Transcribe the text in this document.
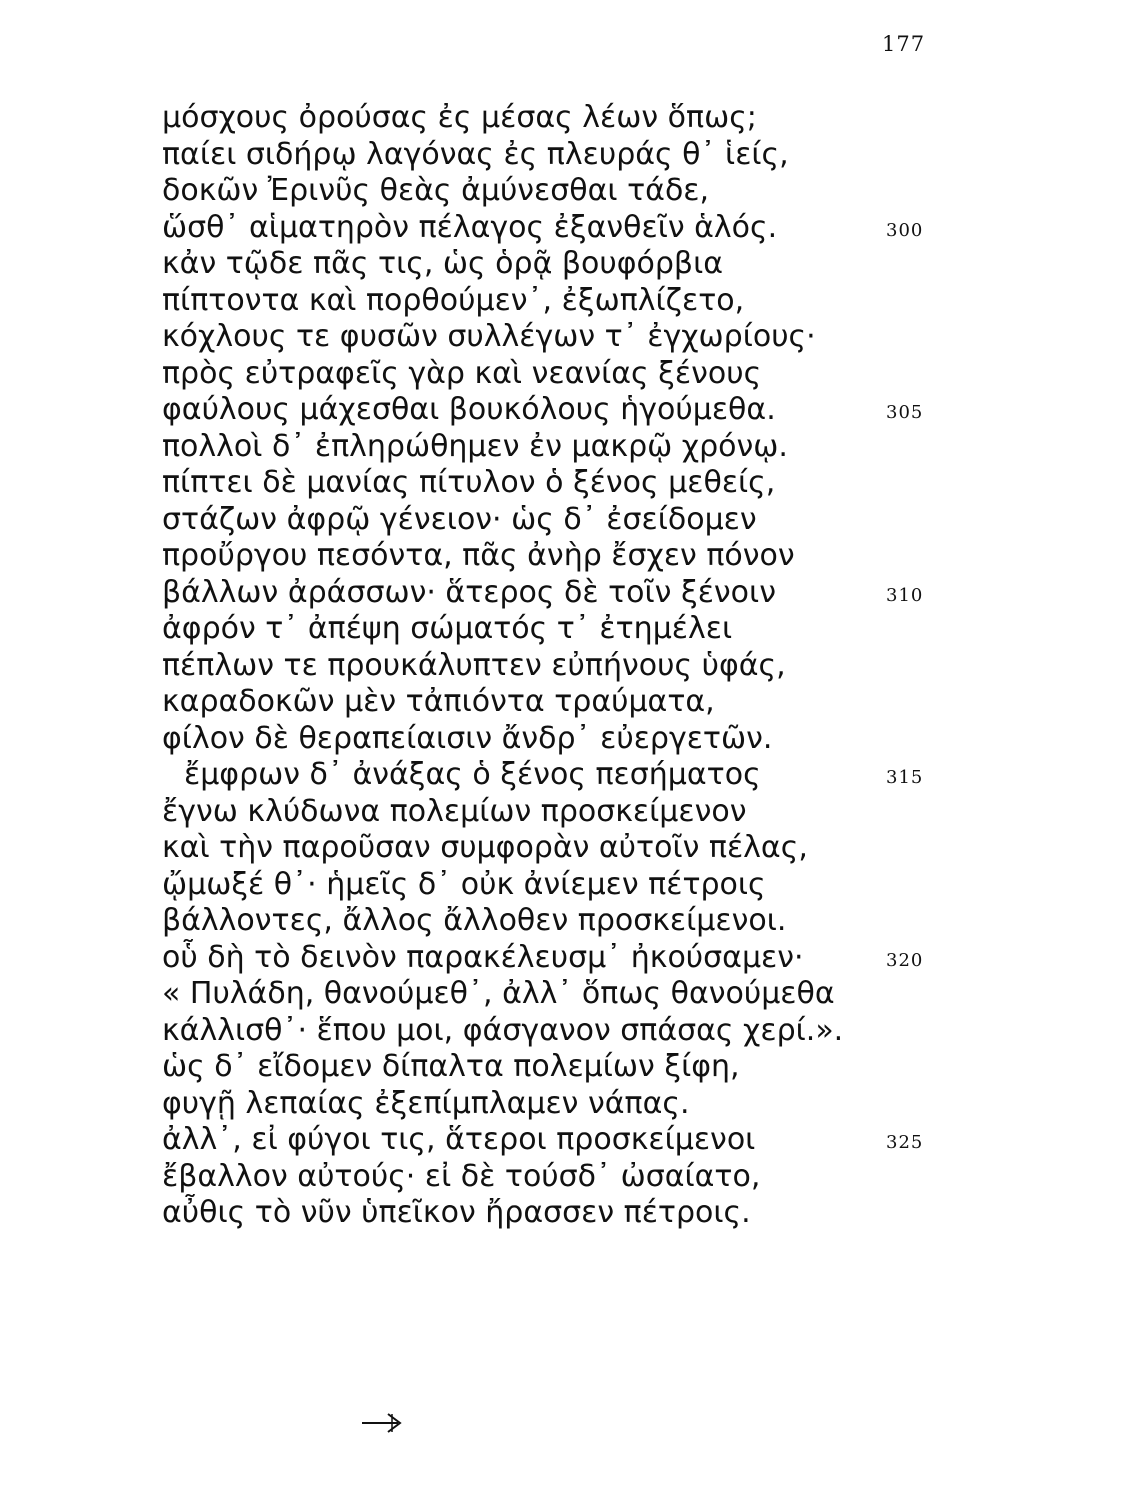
177
μόσχους ὀρούσας ἐς μέσας λέων ὅπως;
παίει σιδήρῳ λαγόνας ἐς πλευράς θ᾽ ἱείς,
δοκῶν Ἐρινῦς θεὰς ἀμύνεσθαι τάδε,
ὥσθ᾽ αἱματηρὸν πέλαγος ἐξανθεῖν ἁλός.
κἀν τῷδε πᾶς τις, ὡς ὁρᾷ βουφόρβια
πίπτοντα καὶ πορθούμεν᾽, ἐξωπλίζετο,
κόχλους τε φυσῶν συλλέγων τ᾽ ἐγχωρίους·
πρὸς εὐτραφεῖς γὰρ καὶ νεανίας ξένους
φαύλους μάχεσθαι βουκόλους ἡγούμεθα.
πολλοὶ δ᾽ ἐπληρώθημεν ἐν μακρῷ χρόνῳ.
πίπτει δὲ μανίας πίτυλον ὁ ξένος μεθείς,
στάζων ἀφρῷ γένειον· ὡς δ᾽ ἐσείδομεν
προὔργου πεσόντα, πᾶς ἀνὴρ ἔσχεν πόνον
βάλλων ἀράσσων· ἅτερος δὲ τοῖν ξένοιν
ἀφρόν τ᾽ ἀπέψη σώματός τ᾽ ἐτημέλει
πέπλων τε προυκάλυπτεν εὐπήνους ὑφάς,
καραδοκῶν μὲν τἀπιόντα τραύματα,
φίλον δὲ θεραπείαισιν ἄνδρ᾽ εὐεργετῶν.
ἔμφρων δ᾽ ἀνάξας ὁ ξένος πεσήματος
ἔγνω κλύδωνα πολεμίων προσκείμενον
καὶ τὴν παροῦσαν συμφορὰν αὐτοῖν πέλας,
ᾤμωξέ θ᾽· ἡμεῖς δ᾽ οὐκ ἀνίεμεν πέτροις
βάλλοντες, ἄλλος ἄλλοθεν προσκείμενοι.
οὗ δὴ τὸ δεινὸν παρακέλευσμ᾽ ἠκούσαμεν·
« Πυλάδη, θανούμεθ᾽, ἀλλ᾽ ὅπως θανούμεθα
κάλλισθ᾽· ἕπου μοι, φάσγανον σπάσας χερί.».
ὡς δ᾽ εἴδομεν δίπαλτα πολεμίων ξίφη,
φυγῇ λεπαίας ἐξεπίμπλαμεν νάπας.
ἀλλ᾽, εἰ φύγοι τις, ἅτεροι προσκείμενοι
ἔβαλλον αὐτούς· εἰ δὲ τούσδ᾽ ὠσαίατο,
αὖθις τὸ νῦν ὑπεῖκον ἤρασσεν πέτροις.
300
305
310
315
320
325
